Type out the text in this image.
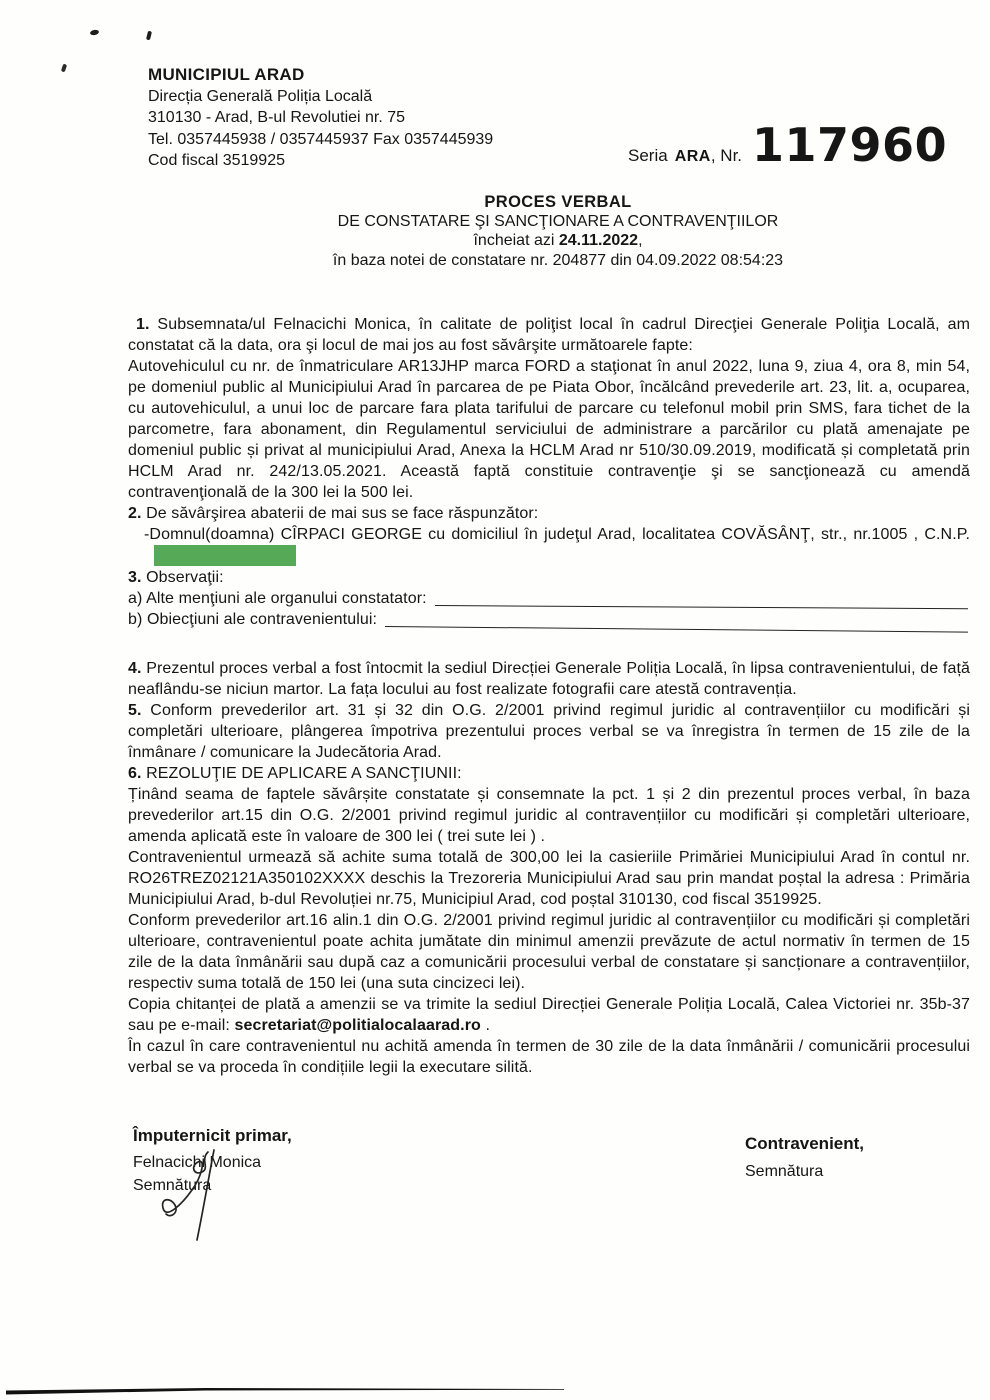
MUNICIPIUL ARAD
Direcția Generală Poliția Locală
310130 - Arad, B-ul Revolutiei nr. 75
Tel. 0357445938 / 0357445937 Fax 0357445939
Cod fiscal 3519925	Seria ARA , Nr. 117960
PROCES VERBAL
DE CONSTATARE ŞI SANCŢIONARE A CONTRAVENŢIILOR
încheiat azi 24.11.2022,
în baza notei de constatare nr. 204877 din 04.09.2022 08:54:23

1. Subsemnata/ul Felnacichi Monica, în calitate de poliţist local în cadrul Direcţiei Generale Poliţia Locală, am constatat că la data, ora şi locul de mai jos au fost săvârşite următoarele fapte:

Autovehiculul cu nr. de înmatriculare AR13JHP marca FORD a staţionat în anul 2022, luna 9, ziua 4, ora 8, min 54, pe domeniul public al Municipiului Arad în parcarea de pe Piata Obor, încălcând prevederile art. 23, lit. a, ocuparea, cu autovehiculul, a unui loc de parcare fara plata tarifului de parcare cu telefonul mobil prin SMS, fara tichet de la parcometre, fara abonament, din Regulamentul serviciului de administrare a parcărilor cu plată amenajate pe domeniul public și privat al municipiului Arad, Anexa la HCLM Arad nr 510/30.09.2019, modificată și completată prin HCLM Arad nr. 242/13.05.2021. Această faptă constituie contravenţie şi se sancţionează cu amendă contravenţională de la 300 lei la 500 lei.

2. De săvârşirea abaterii de mai sus se face răspunzător:

-Domnul(doamna) CÎRPACI GEORGE cu domiciliul în judeţul Arad, localitatea COVĂSÂNŢ, str., nr.1005 , C.N.P.

3. Observaţii:

a) Alte menţiuni ale organului constatator:
b) Obiecţiuni ale contravenientului:

4. Prezentul proces verbal a fost întocmit la sediul Direcției Generale Poliția Locală, în lipsa contravenientului, de față neaflându-se niciun martor. La fața locului au fost realizate fotografii care atestă contravenția.

5. Conform prevederilor art. 31 și 32 din O.G. 2/2001 privind regimul juridic al contravențiilor cu modificări și completări ulterioare, plângerea împotriva prezentului proces verbal se va înregistra în termen de 15 zile de la înmânare / comunicare la Judecătoria Arad.

6. REZOLUŢIE DE APLICARE A SANCŢIUNII:

Ținând seama de faptele săvârșite constatate și consemnate la pct. 1 și 2 din prezentul proces verbal, în baza prevederilor art.15 din O.G. 2/2001 privind regimul juridic al contravențiilor cu modificări și completări ulterioare, amenda aplicată este în valoare de 300 lei ( trei sute lei ) .

Contravenientul urmează să achite suma totală de 300,00 lei la casieriile Primăriei Municipiului Arad în contul nr. RO26TREZ02121A350102XXXX deschis la Trezoreria Municipiului Arad sau prin mandat poștal la adresa : Primăria Municipiului Arad, b-dul Revoluției nr.75, Municipiul Arad, cod poștal 310130, cod fiscal 3519925.

Conform prevederilor art.16 alin.1 din O.G. 2/2001 privind regimul juridic al contravențiilor cu modificări și completări ulterioare, contravenientul poate achita jumătate din minimul amenzii prevăzute de actul normativ în termen de 15 zile de la data înmânării sau după caz a comunicării procesului verbal de constatare și sancționare a contravențiilor, respectiv suma totală de 150 lei (una suta cincizeci lei).

Copia chitanței de plată a amenzii se va trimite la sediul Direcției Generale Poliția Locală, Calea Victoriei nr. 35b-37 sau pe e-mail: secretariat@politialocalaarad.ro .

În cazul în care contravenientul nu achită amenda în termen de 30 zile de la data înmânării / comunicării procesului verbal se va proceda în condițiile legii la executare silită.

Împuternicit primar,
Felnacichi Monica
Semnătura
Contravenient,
Semnătura
